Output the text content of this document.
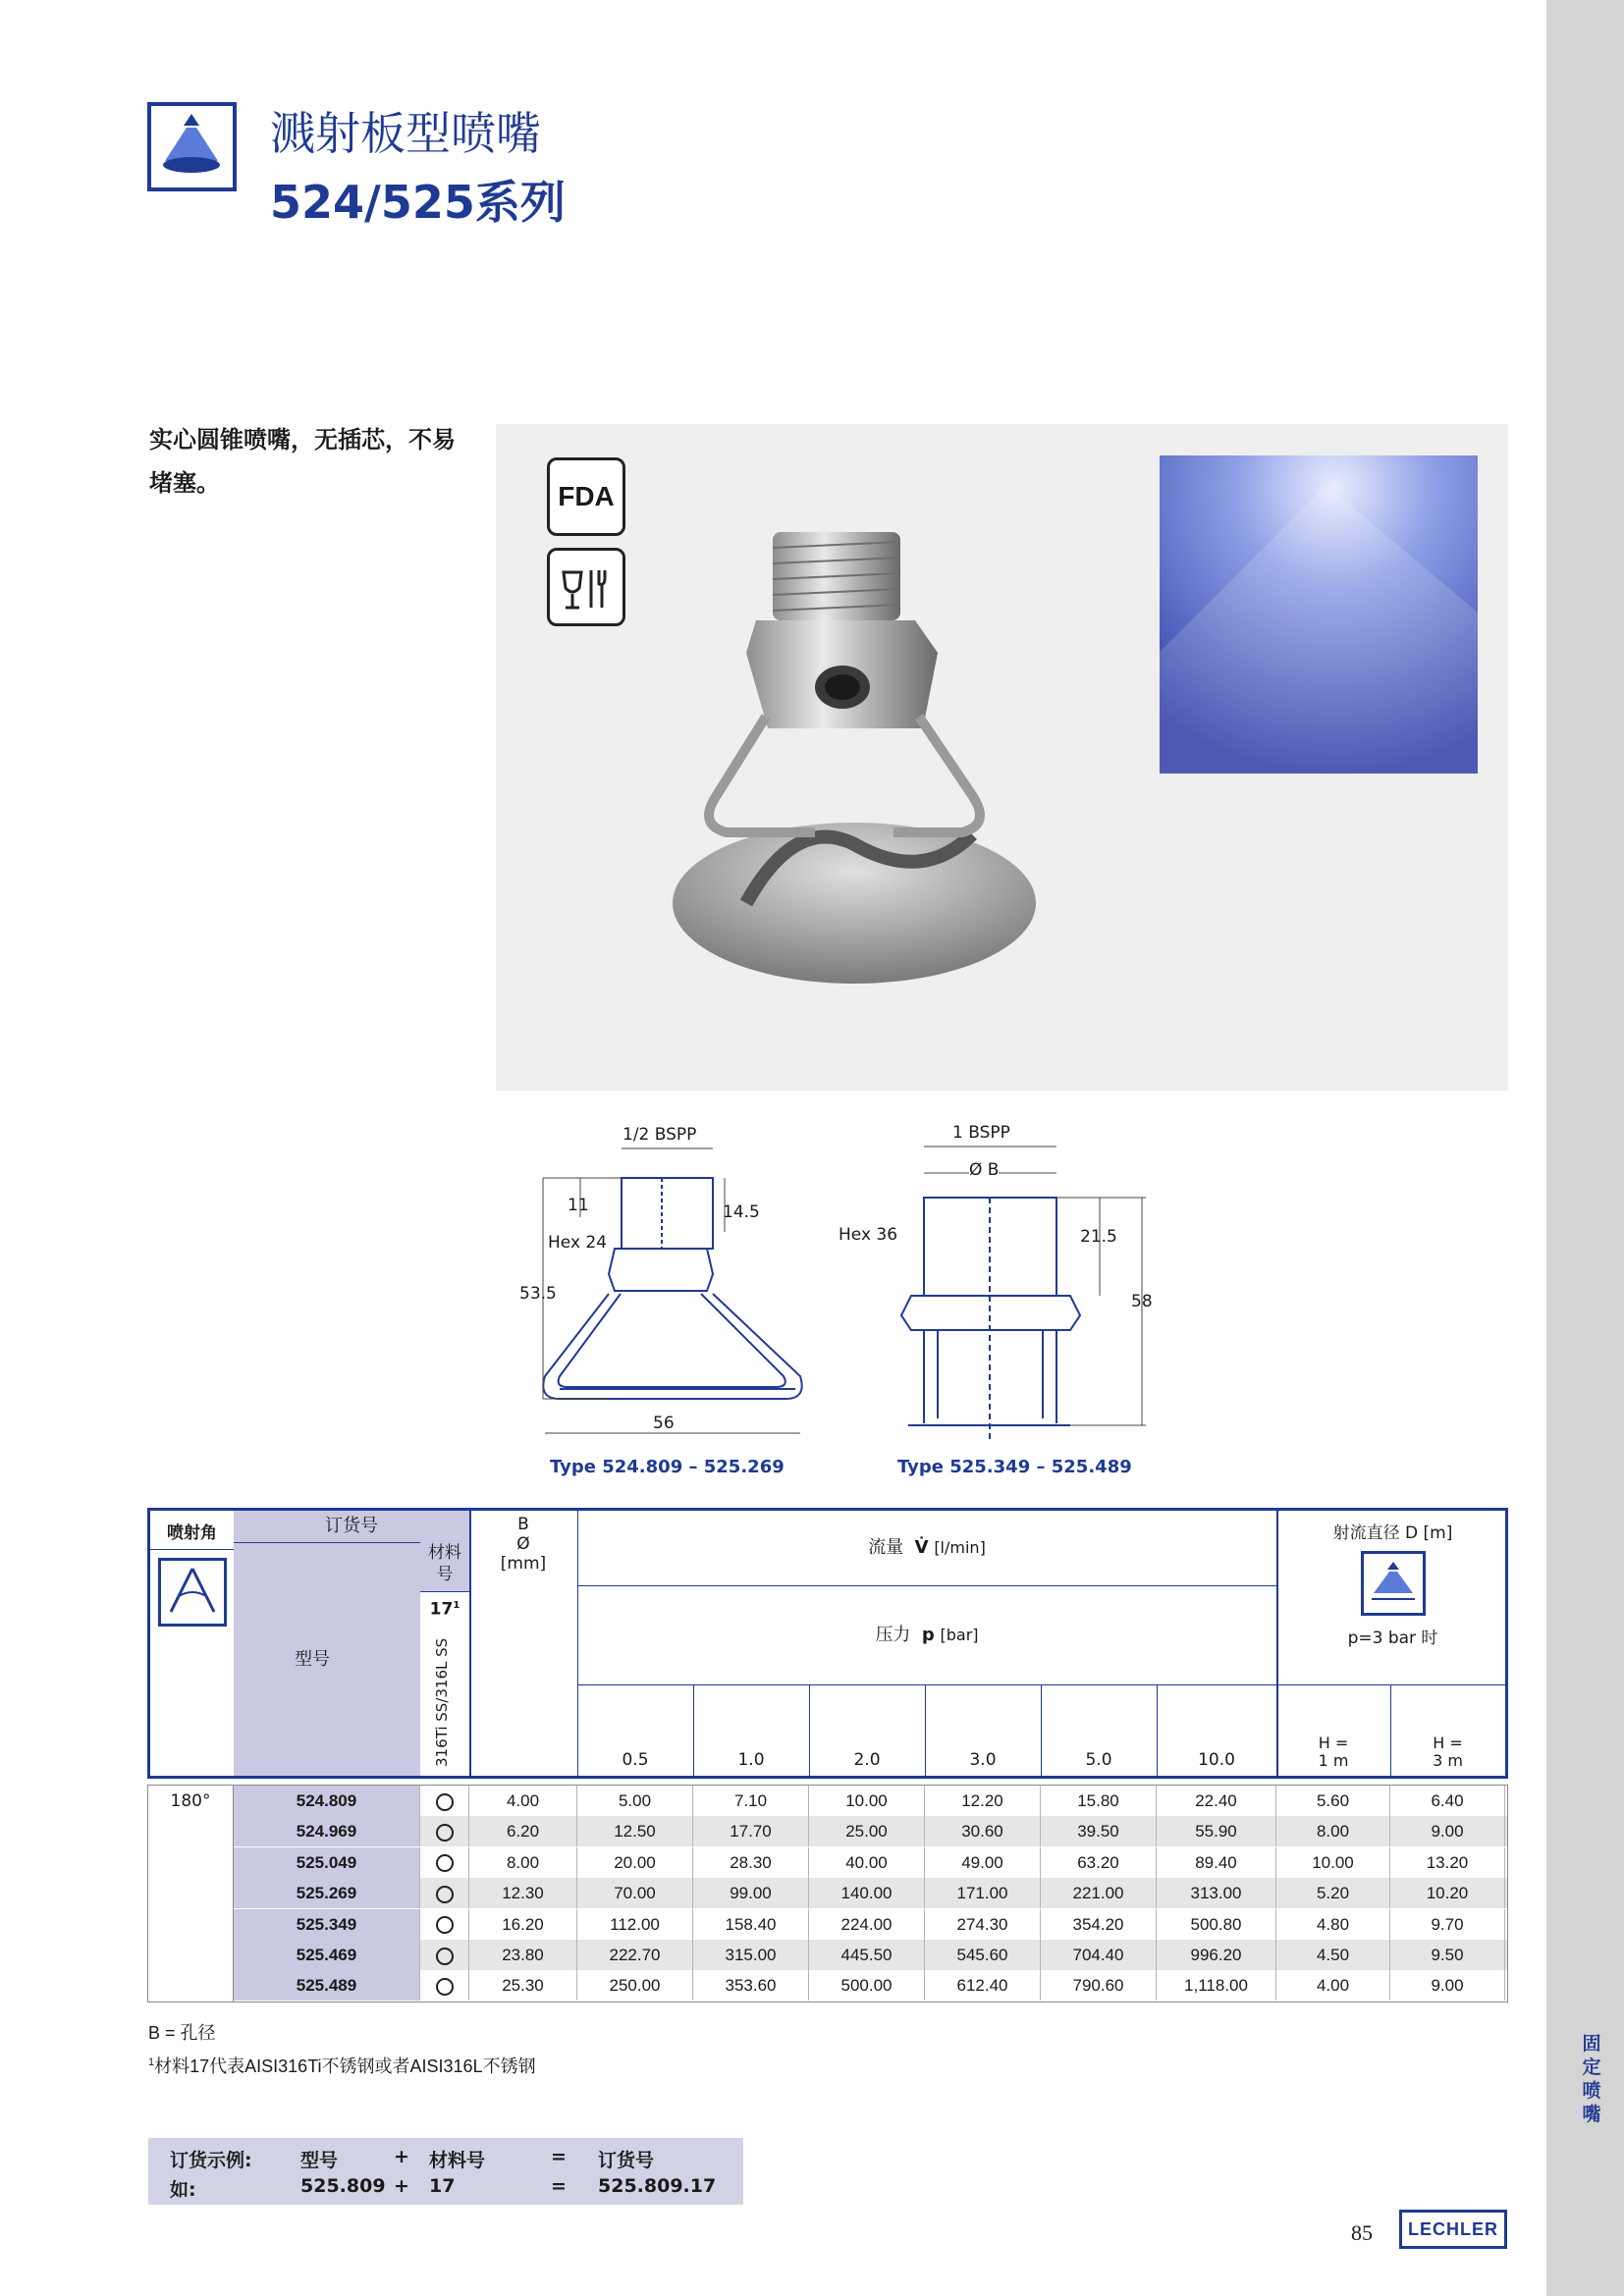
固定喷嘴
溅射板型喷嘴
524/525系列
实心圆锥喷嘴，无插芯，不易堵塞。	FDA
1/2 BSPP
11	14.5
Hex 24
53.5
56
Type 524.809 – 525.269
1 BSPP
Ø B
Hex 36	21.5
58
Type 525.349 – 525.489
喷射角	订货号
型号
材料号
$17^1$
316Ti SS/316L SS
B
Ø
[mm]
流量 V̇ [l/min]
压力 p [bar]
射流直径 D [m]
p=3 bar 时
0.5	1.0	2.0	3.0	5.0	10.0
H =
1 m
H =
3 m
180°	524.809	4.00	5.00	7.10	10.00	12.20	15.80	22.40	5.60	6.40
524.969	6.20	12.50	17.70	25.00	30.60	39.50	55.90	8.00	9.00
525.049	8.00	20.00	28.30	40.00	49.00	63.20	89.40	10.00	13.20
525.269	12.30	70.00	99.00	140.00	171.00	221.00	313.00	5.20	10.20
525.349	16.20	112.00	158.40	224.00	274.30	354.20	500.80	4.80	9.70
525.469	23.80	222.70	315.00	445.50	545.60	704.40	996.20	4.50	9.50
525.489	25.30	250.00	353.60	500.00	612.40	790.60	1,118.00	4.00	9.00
B = 孔径
$^1$材料17代表AISI316Ti不锈钢或者AISI316L不锈钢
订货示例:
如:
型号	+ 材料号	= 订货号
525.809 + 17	= 525.809.17
85	LECHLER
